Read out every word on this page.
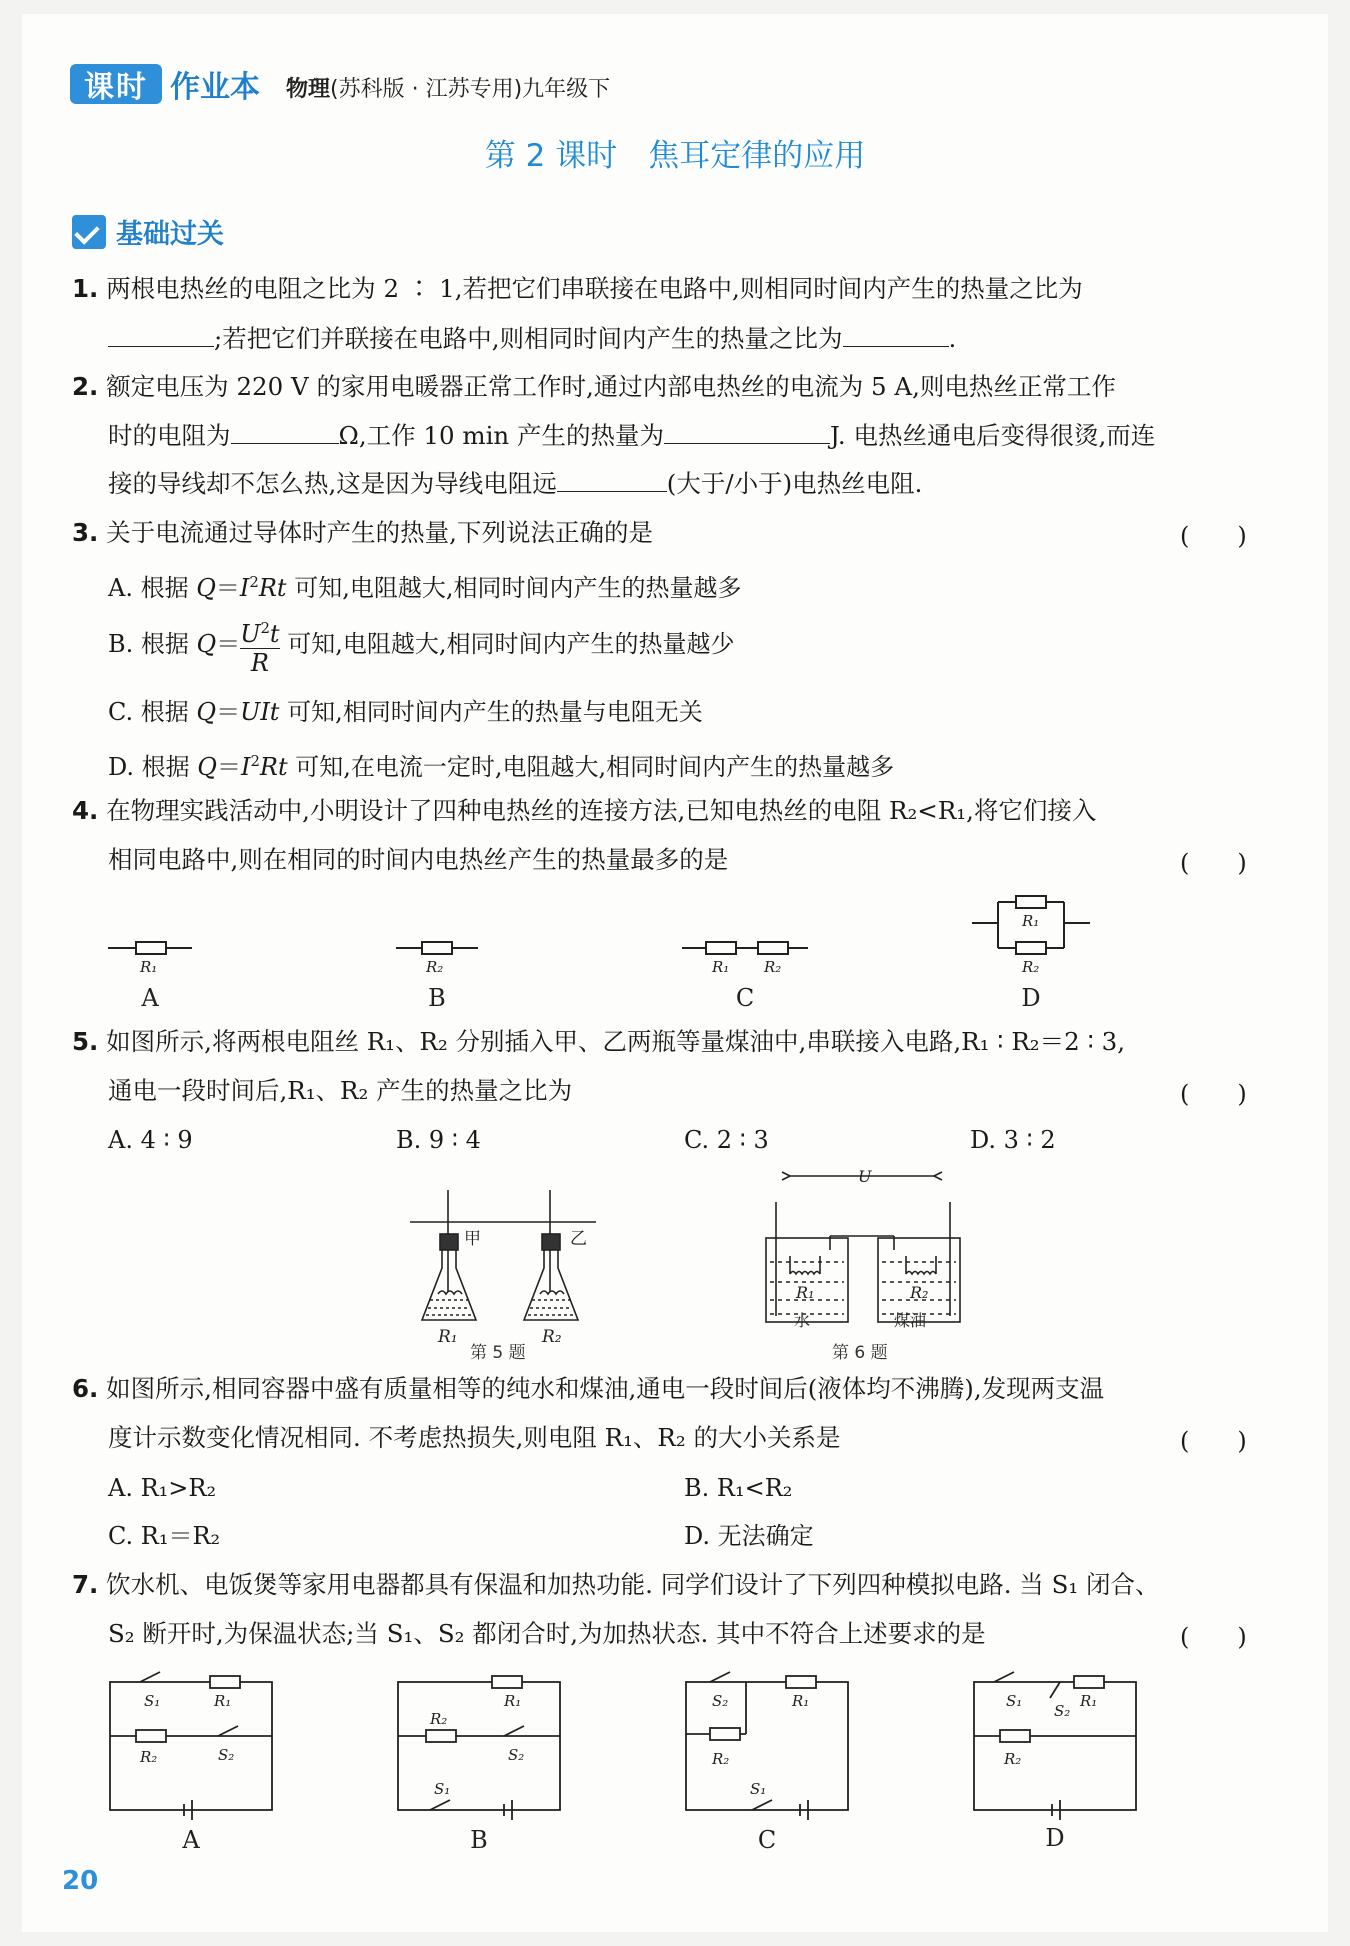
课时 作业本 物理(苏科版 · 江苏专用)九年级下
第 2 课时　焦耳定律的应用
基础过关
1. 两根电热丝的电阻之比为 2 ∶ 1,若把它们串联接在电路中,则相同时间内产生的热量之比为
;若把它们并联接在电路中,则相同时间内产生的热量之比为	.
2. 额定电压为 220 V 的家用电暖器正常工作时,通过内部电热丝的电流为 5 A,则电热丝正常工作
时的电阻为	Ω,工作 10 min 产生的热量为	J. 电热丝通电后变得很烫,而连
接的导线却不怎么热,这是因为导线电阻远	(大于/小于)电热丝电阻.
3. 关于电流通过导体时产生的热量,下列说法正确的是	(　　)
A. 根据 $Q=I^2Rt$ 可知,电阻越大,相同时间内产生的热量越多
B. 根据 $Q= \frac{U^2t}{R}$ 可知,电阻越大,相同时间内产生的热量越少
C. 根据 Q＝UIt 可知,相同时间内产生的热量与电阻无关
D. 根据 $Q=I^2Rt$ 可知,在电流一定时,电阻越大,相同时间内产生的热量越多
4. 在物理实践活动中,小明设计了四种电热丝的连接方法,已知电热丝的电阻 R₂<R₁,将它们接入
相同电路中,则在相同的时间内电热丝产生的热量最多的是	(　　)
R₁	R₂	R₁ R₂
R₁
R₂
A	B	C	D
5. 如图所示,将两根电阻丝 R₁、R₂ 分别插入甲、乙两瓶等量煤油中,串联接入电路,R₁ ∶ R₂＝2 ∶ 3,
通电一段时间后,R₁、R₂ 产生的热量之比为	(　　)
A. 4 ∶ 9	B. 9 ∶ 4	C. 2 ∶ 3	D. 3 ∶ 2
甲	乙
R₁	R₂
第 5 题
U
R₁	R₂
水	煤油
第 6 题
6. 如图所示,相同容器中盛有质量相等的纯水和煤油,通电一段时间后(液体均不沸腾),发现两支温
度计示数变化情况相同. 不考虑热损失,则电阻 R₁、R₂ 的大小关系是	(　　)
A. R₁>R₂	B. R₁<R₂
C. R₁＝R₂	D. 无法确定
7. 饮水机、电饭煲等家用电器都具有保温和加热功能. 同学们设计了下列四种模拟电路. 当 S₁ 闭合、
S₂ 断开时,为保温状态;当 S₁、S₂ 都闭合时,为加热状态. 其中不符合上述要求的是	(　　)
S₁	R₁
R₂	S₂
R₁
R₂
S₂
S₁
S₂	R₁
R₂
S₁
S₁	R₁
S₂
R₂
A	B	C	D
20
